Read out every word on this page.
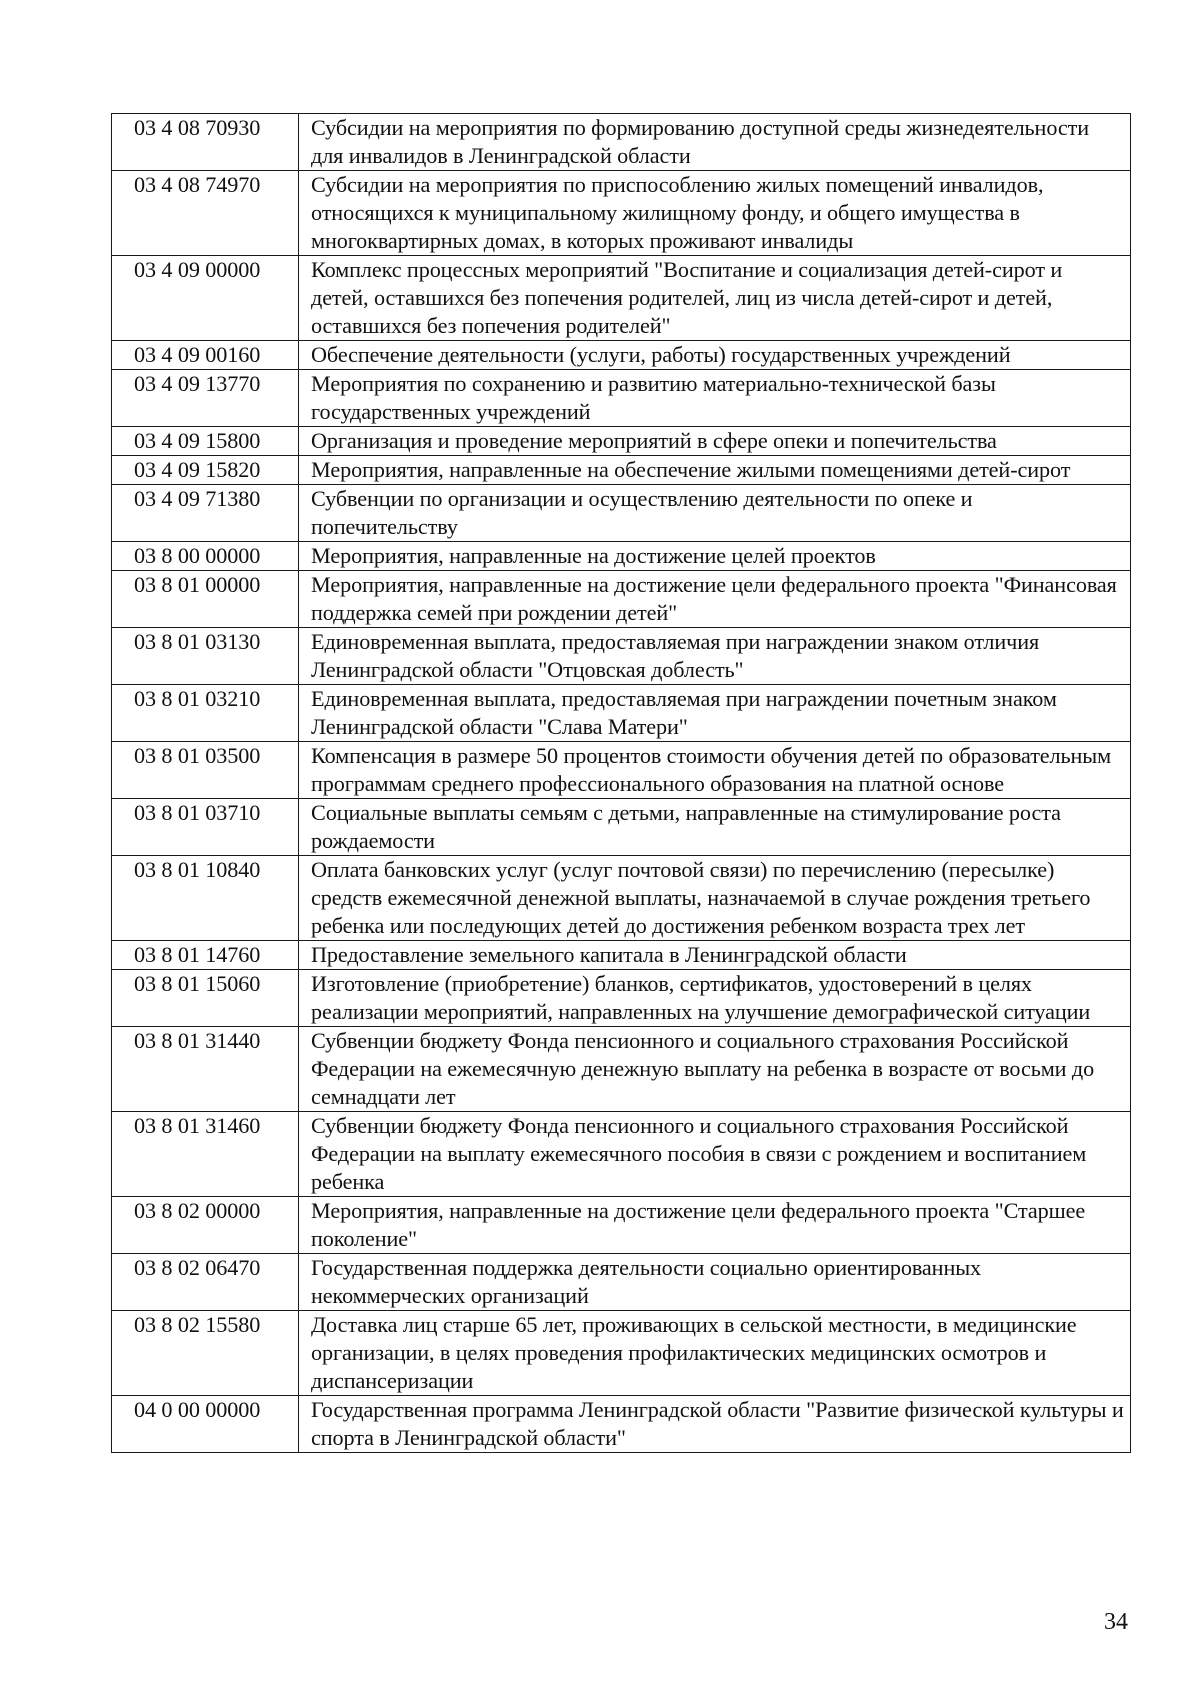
03 4 08 70930	Субсидии на мероприятия по формированию доступной среды жизнедеятельности для инвалидов в Ленинградской области
03 4 08 74970	Субсидии на мероприятия по приспособлению жилых помещений инвалидов, относящихся к муниципальному жилищному фонду, и общего имущества в многоквартирных домах, в которых проживают инвалиды
03 4 09 00000	Комплекс процессных мероприятий "Воспитание и социализация детей-сирот и детей, оставшихся без попечения родителей, лиц из числа детей-сирот и детей, оставшихся без попечения родителей"
03 4 09 00160	Обеспечение деятельности (услуги, работы) государственных учреждений
03 4 09 13770	Мероприятия по сохранению и развитию материально-технической базы государственных учреждений
03 4 09 15800	Организация и проведение мероприятий в сфере опеки и попечительства
03 4 09 15820	Мероприятия, направленные на обеспечение жилыми помещениями детей-сирот
03 4 09 71380	Субвенции по организации и осуществлению деятельности по опеке и попечительству
03 8 00 00000	Мероприятия, направленные на достижение целей проектов
03 8 01 00000	Мероприятия, направленные на достижение цели федерального проекта "Финансовая поддержка семей при рождении детей"
03 8 01 03130	Единовременная выплата, предоставляемая при награждении знаком отличия Ленинградской области "Отцовская доблесть"
03 8 01 03210	Единовременная выплата, предоставляемая при награждении почетным знаком Ленинградской области "Слава Матери"
03 8 01 03500	Компенсация в размере 50 процентов стоимости обучения детей по образовательным программам среднего профессионального образования на платной основе
03 8 01 03710	Социальные выплаты семьям с детьми, направленные на стимулирование роста рождаемости
03 8 01 10840	Оплата банковских услуг (услуг почтовой связи) по перечислению (пересылке) средств ежемесячной денежной выплаты, назначаемой в случае рождения третьего ребенка или последующих детей до достижения ребенком возраста трех лет
03 8 01 14760	Предоставление земельного капитала в Ленинградской области
03 8 01 15060	Изготовление (приобретение) бланков, сертификатов, удостоверений в целях реализации мероприятий, направленных на улучшение демографической ситуации
03 8 01 31440	Субвенции бюджету Фонда пенсионного и социального страхования Российской Федерации на ежемесячную денежную выплату на ребенка в возрасте от восьми до семнадцати лет
03 8 01 31460	Субвенции бюджету Фонда пенсионного и социального страхования Российской Федерации на выплату ежемесячного пособия в связи с рождением и воспитанием ребенка
03 8 02 00000	Мероприятия, направленные на достижение цели федерального проекта "Старшее поколение"
03 8 02 06470	Государственная поддержка деятельности социально ориентированных некоммерческих организаций
03 8 02 15580	Доставка лиц старше 65 лет, проживающих в сельской местности, в медицинские организации, в целях проведения профилактических медицинских осмотров и диспансеризации
04 0 00 00000	Государственная программа Ленинградской области "Развитие физической культуры и спорта в Ленинградской области"
34
